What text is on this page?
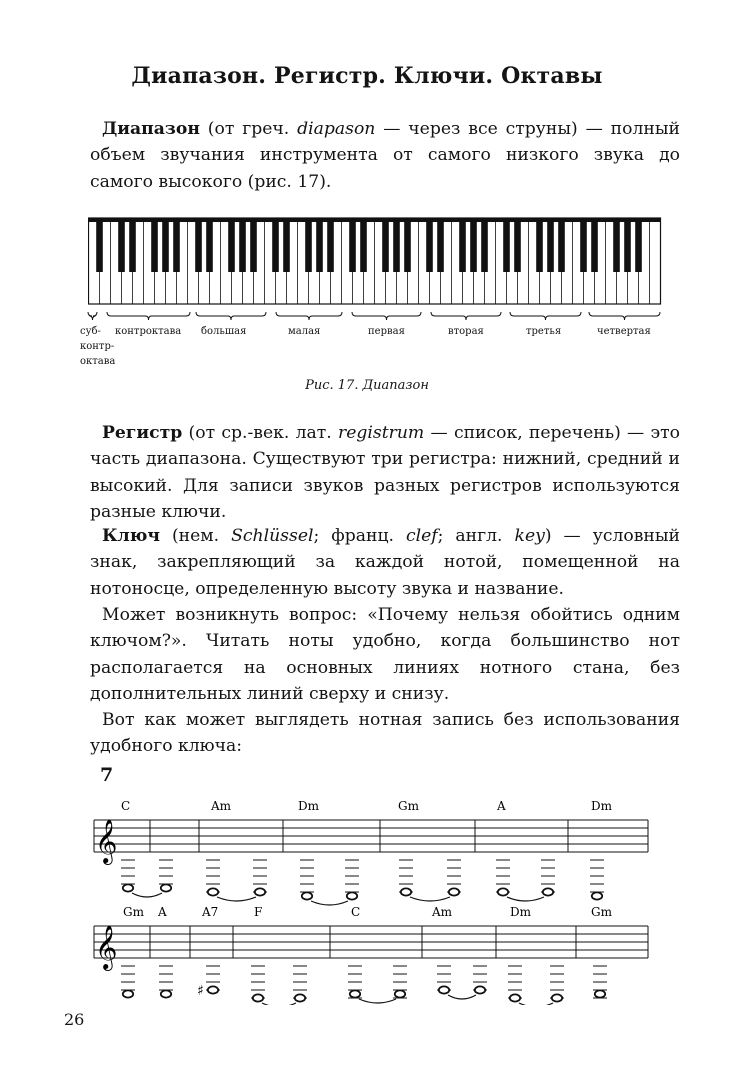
Диапазон. Регистр. Ключи. Октавы

Диапазон (от греч. diapason — через все струны) — полный объем звучания инструмента от самого низкого звука до самого высокого (рис. 17).

суб-
контр-
октава
контроктава большая	малая	первая	вторая	третья	четвертая
Рис. 17. Диапазон

Регистр (от ср.-век. лат. registrum — список, перечень) — это часть диапазона. Существуют три регистра: нижний, средний и высокий. Для записи звуков разных регистров используются разные ключи.

Ключ (нем. Schlüssel; франц. clef; англ. key) — условный знак, закрепляющий за каждой нотой, помещенной на нотоносце, определенную высоту звука и название.

Может возникнуть вопрос: «Почему нельзя обойтись одним ключом?». Читать ноты удобно, когда большинство нот располагается на основных линиях нотного стана, без дополнительных линий сверху и снизу.

Вот как может выглядеть нотная запись без использования удобного ключа:

7
𝄞
C	Am	Dm	Gm	A	Dm
𝄞
Gm A	A7	F	C	Am	Dm	Gm
♯
26
